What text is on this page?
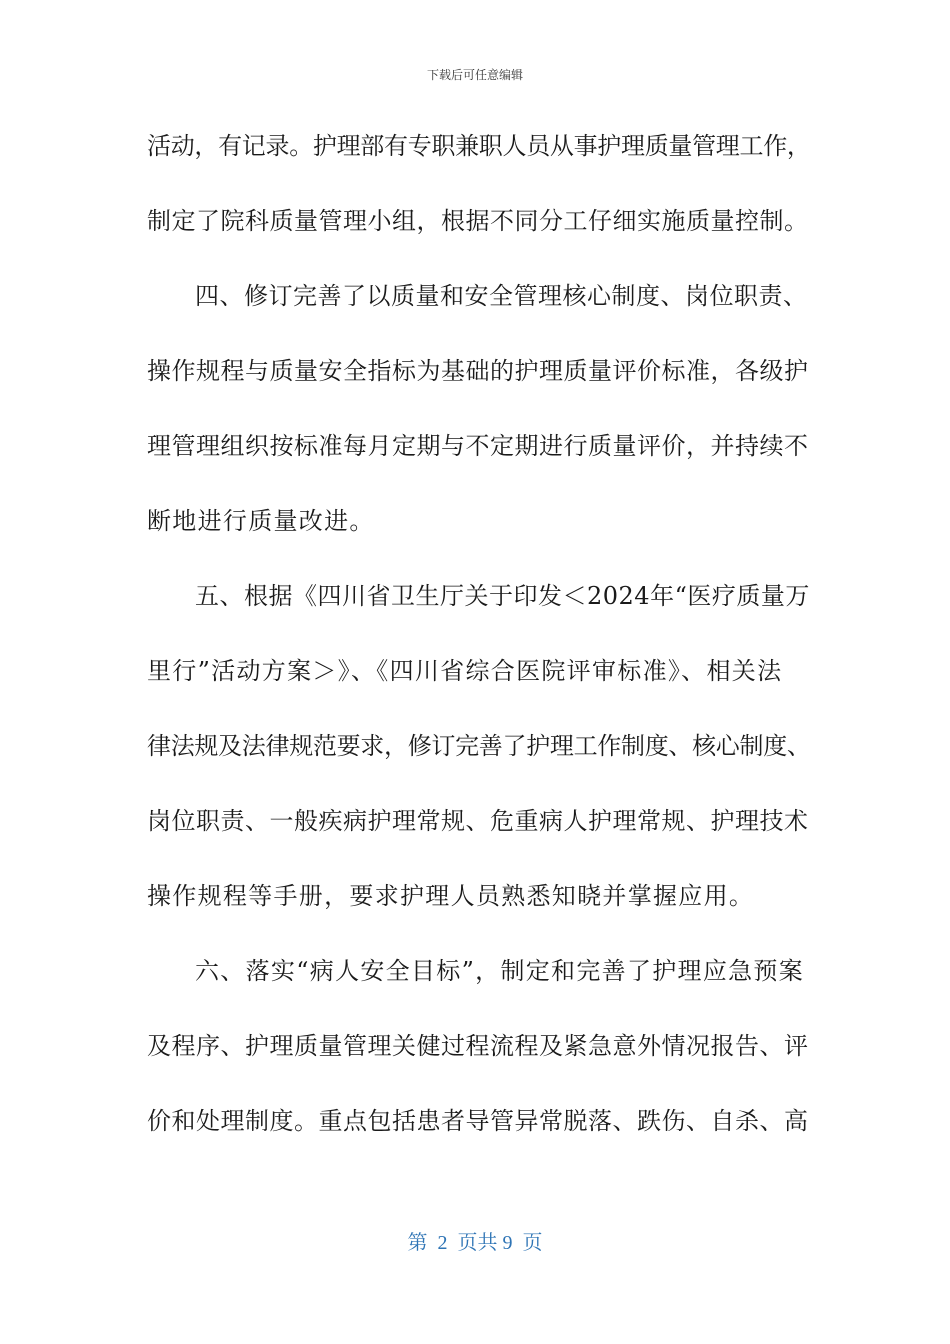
下载后可任意编辑
活动，有记录。护理部有专职兼职人员从事护理质量管理工作，
制定了院科质量管理小组，根据不同分工仔细实施质量控制。
四、修订完善了以质量和安全管理核心制度、岗位职责、
操作规程与质量安全指标为基础的护理质量评价标准，各级护
理管理组织按标准每月定期与不定期进行质量评价，并持续不
断地进行质量改进。
五、根据《四川省卫生厅关于印发＜2024年“医疗质量万
里行”活动方案＞》、《四川省综合医院评审标准》、相关法
律法规及法律规范要求，修订完善了护理工作制度、核心制度、
岗位职责、一般疾病护理常规、危重病人护理常规、护理技术
操作规程等手册，要求护理人员熟悉知晓并掌握应用。
六、落实“病人安全目标”，制定和完善了护理应急预案
及程序、护理质量管理关健过程流程及紧急意外情况报告、评
价和处理制度。重点包括患者导管异常脱落、跌伤、自杀、高
第  2  页共 9  页
